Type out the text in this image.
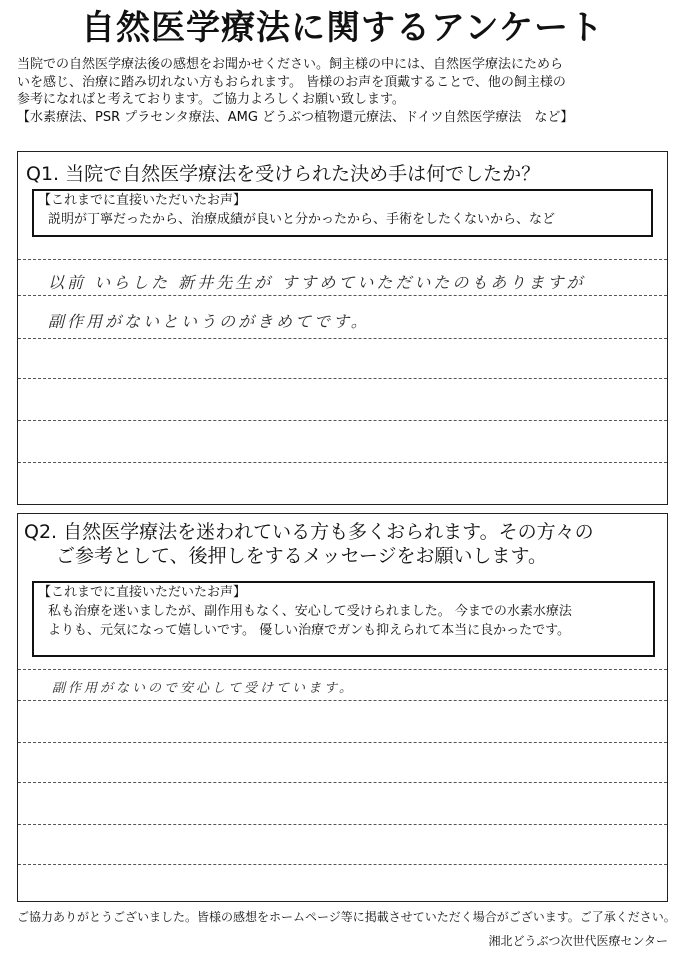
自然医学療法に関するアンケート
当院での自然医学療法後の感想をお聞かせください。飼主様の中には、自然医学療法にためら
いを感じ、治療に踏み切れない方もおられます。 皆様のお声を頂戴することで、他の飼主様の
参考になればと考えております。ご協力よろしくお願い致します。
【水素療法、PSR プラセンタ療法、AMG どうぶつ植物還元療法、ドイツ自然医学療法　など】

Q1. 当院で自然医学療法を受けられた決め手は何でしたか？

【これまでに直接いただいたお声】
説明が丁寧だったから、治療成績が良いと分かったから、手術をしたくないから、など
以前 いらした 新井先生が すすめていただいたのもありますが
副作用がないというのがきめてです。
Q2. 自然医学療法を迷われている方も多くおられます。その方々の
ご参考として、後押しをするメッセージをお願いします。
【これまでに直接いただいたお声】
私も治療を迷いましたが、副作用もなく、安心して受けられました。 今までの水素水療法
よりも、元気になって嬉しいです。 優しい治療でガンも抑えられて本当に良かったです。
副作用がないので安心して受けています。
ご協力ありがとうございました。皆様の感想をホームページ等に掲載させていただく場合がございます。ご了承ください。
湘北どうぶつ次世代医療センター
